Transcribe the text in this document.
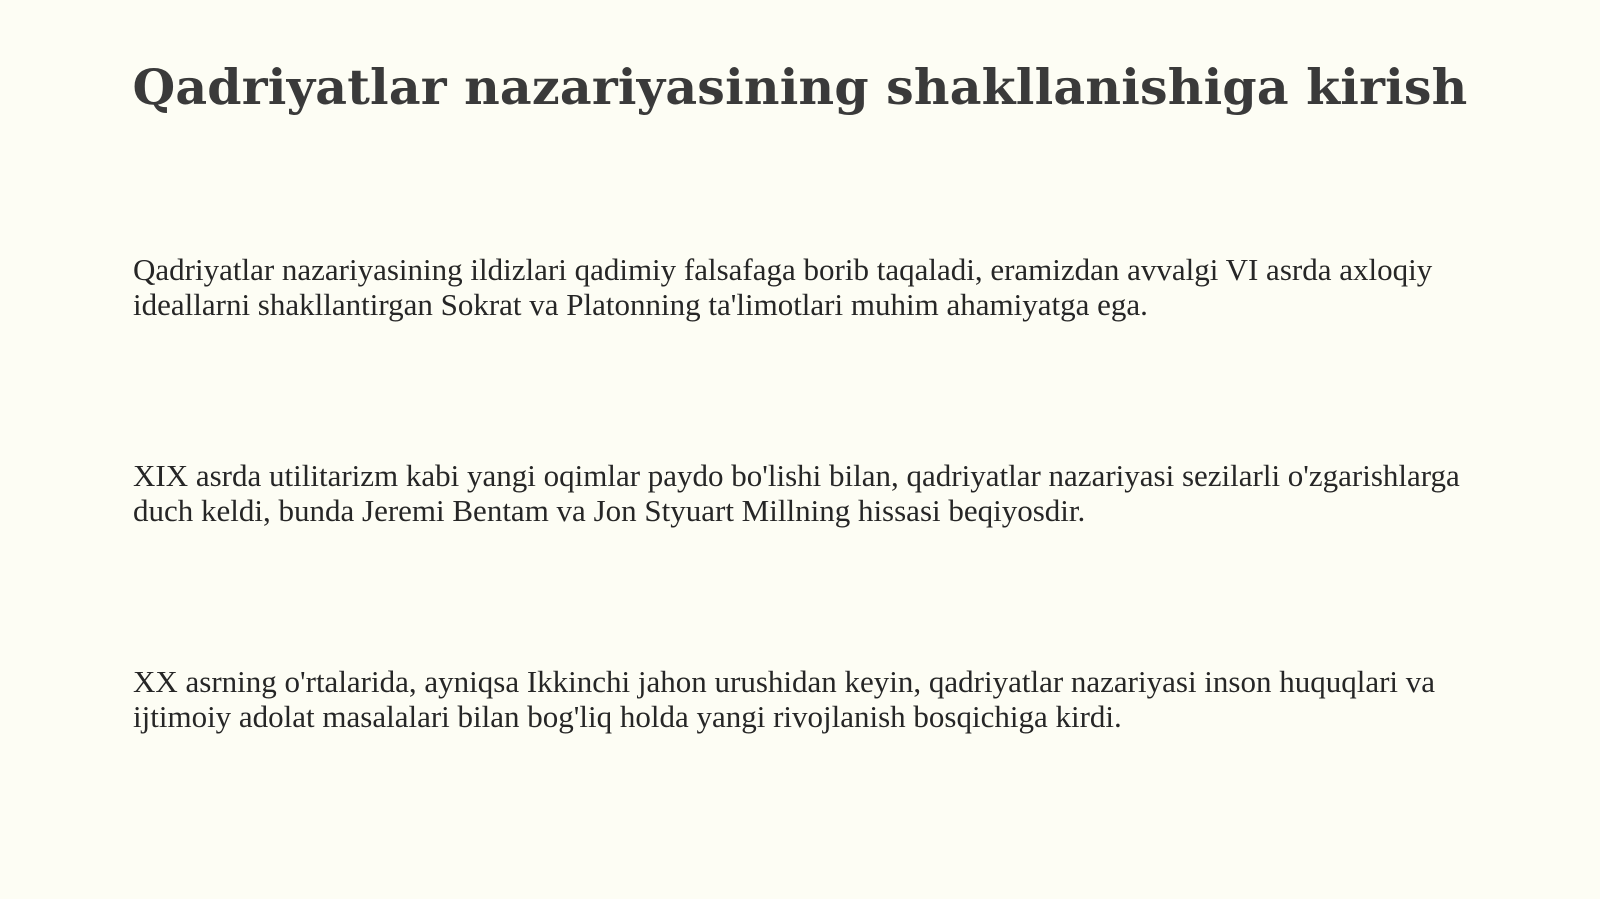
Qadriyatlar nazariyasining shakllanishiga kirish

Qadriyatlar nazariyasining ildizlari qadimiy falsafaga borib taqaladi, eramizdan avvalgi VI asrda axloqiy ideallarni shakllantirgan Sokrat va Platonning ta'limotlari muhim ahamiyatga ega.

XIX asrda utilitarizm kabi yangi oqimlar paydo bo'lishi bilan, qadriyatlar nazariyasi sezilarli o'zgarishlarga duch keldi, bunda Jeremi Bentam va Jon Styuart Millning hissasi beqiyosdir.

XX asrning o'rtalarida, ayniqsa Ikkinchi jahon urushidan keyin, qadriyatlar nazariyasi inson huquqlari va ijtimoiy adolat masalalari bilan bog'liq holda yangi rivojlanish bosqichiga kirdi.
